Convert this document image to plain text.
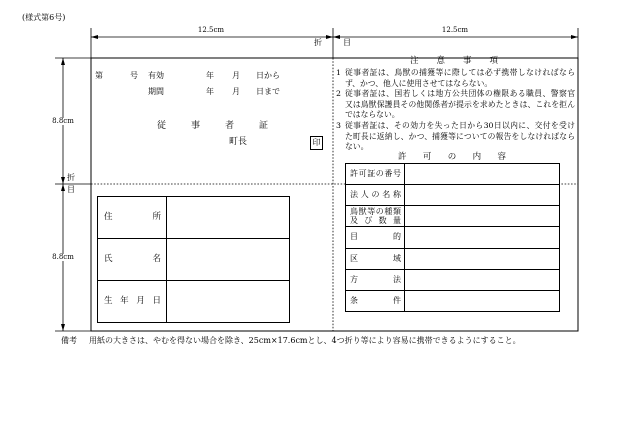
(様式第6号)
12.5cm	12.5cm
折	目
8.8cm
8.8cm
折
目
第	号 有効	年 月 日から
期間	年 月 日まで
従事者証
町長	印
住所
氏名
生年月日
注意事項
1 従事者証は、鳥獣の捕獲等に際しては必ず携帯しなければなら
ず、かつ、他人に使用させてはならない。
2 従事者証は、国若しくは地方公共団体の権限ある職員、警察官
又は鳥獣保護員その他関係者が提示を求めたときは、これを拒ん
ではならない。
3 従事者証は、その効力を失った日から30日以内に、交付を受け
た町長に返納し、かつ、捕獲等についての報告をしなければなら
ない。
許可の内容
許可証の番号
法人の名称
鳥獣等の種類
及び数量
目的
区域
方法
条件
備考 用紙の大きさは、やむを得ない場合を除き、25cm×17.6cmとし、4つ折り等により容易に携帯できるようにすること。
